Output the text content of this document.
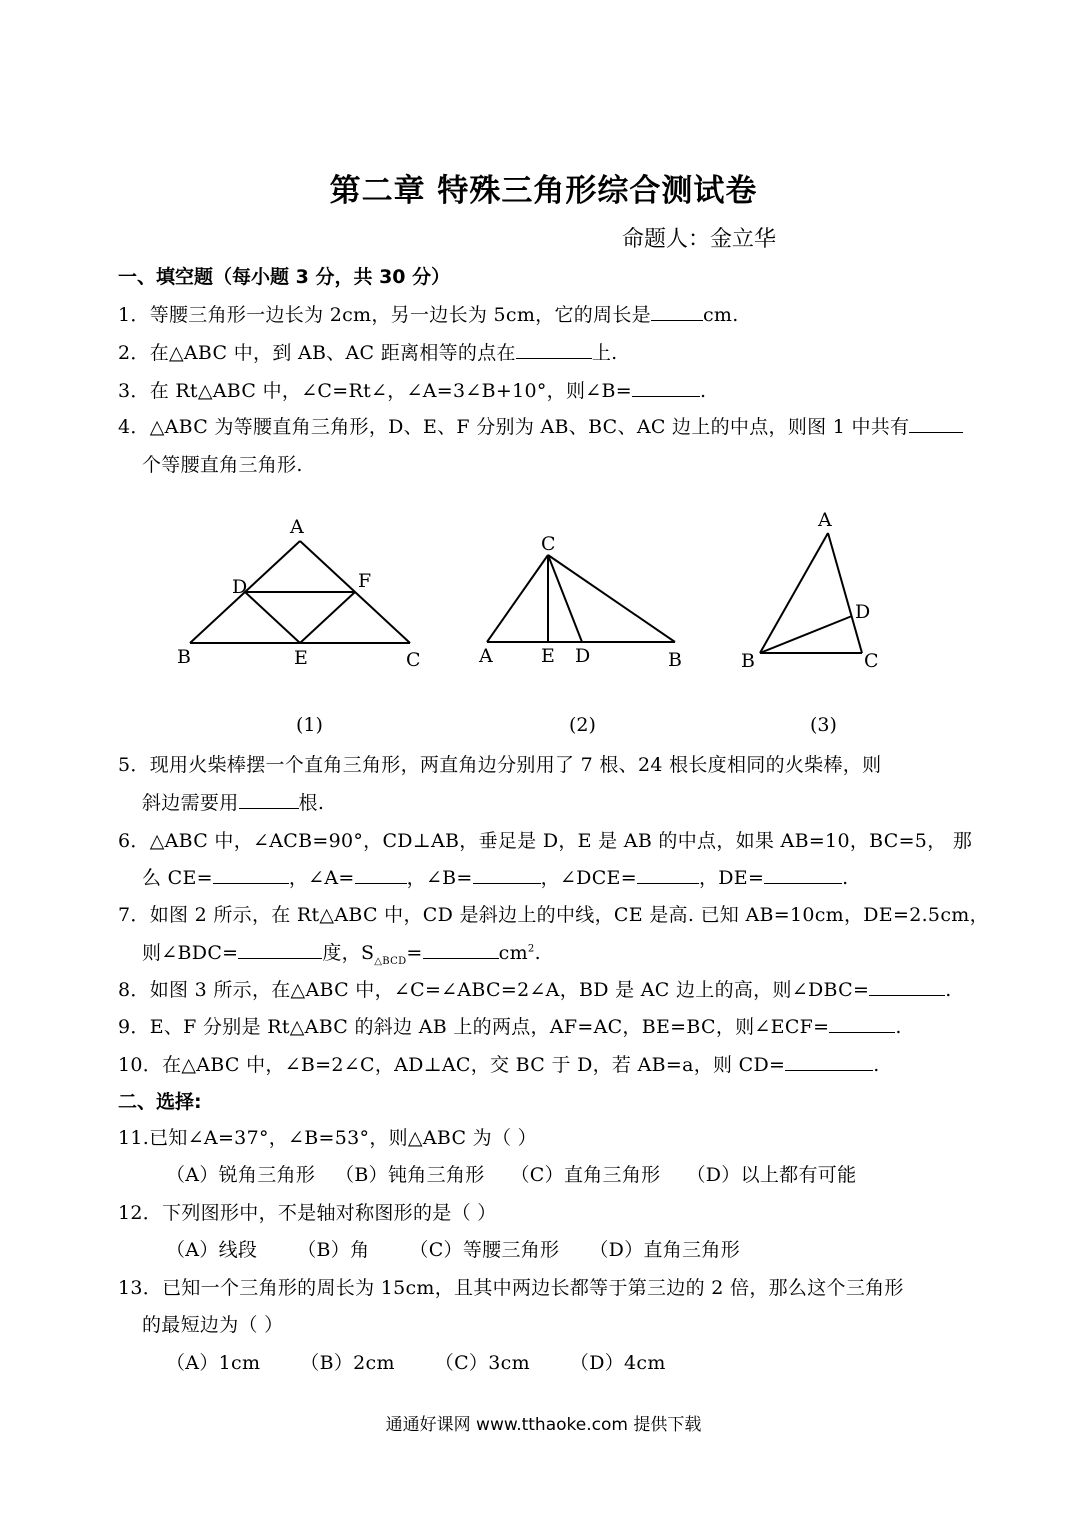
第二章 特殊三角形综合测试卷
命题人：金立华
一、填空题（每小题 3 分，共 30 分）
1．等腰三角形一边长为 2cm，另一边长为 5cm，它的周长是	cm.
2．在△ABC 中，到 AB、AC 距离相等的点在	上.
3．在 Rt△ABC 中，∠C=Rt∠，∠A=3∠B+10°，则∠B=	.
4．△ABC 为等腰直角三角形，D、E、F 分别为 AB、BC、AC 边上的中点，则图 1 中共有
个等腰直角三角形.
A
B	C
D
E
F
(1)
C
A	E D	B
(2)
A
D
B	C
(3)
5．现用火柴棒摆一个直角三角形，两直角边分别用了 7 根、24 根长度相同的火柴棒，则
斜边需要用	根.
6．△ABC 中，∠ACB=90°，CD⊥AB，垂足是 D，E 是 AB 的中点，如果 AB=10，BC=5， 那
么 CE=	，∠A=	，∠B=	，∠DCE=	，DE=	.
7．如图 2 所示，在 Rt△ABC 中，CD 是斜边上的中线，CE 是高. 已知 AB=10cm，DE=2.5cm，
则∠BDC=	度，$S_{\triangle BCD}=$	$cm^2$.
8．如图 3 所示，在△ABC 中，∠C=∠ABC=2∠A，BD 是 AC 边上的高，则∠DBC=	.
9．E、F 分别是 Rt△ABC 的斜边 AB 上的两点，AF=AC，BE=BC，则∠ECF=	.
10．在△ABC 中，∠B=2∠C，AD⊥AC，交 BC 于 D，若 AB=a，则 CD=	.
二、选择:
11.已知∠A=37°，∠B=53°，则△ABC 为（ ）
（A）锐角三角形 （B）钝角三角形 （C）直角三角形 （D）以上都有可能
12．下列图形中，不是轴对称图形的是（ ）
（A）线段 （B）角 （C）等腰三角形 （D）直角三角形
13．已知一个三角形的周长为 15cm，且其中两边长都等于第三边的 2 倍，那么这个三角形
的最短边为（ ）
（A）1cm （B）2cm （C）3cm （D）4cm
通通好课网 www.tthaoke.com 提供下载
